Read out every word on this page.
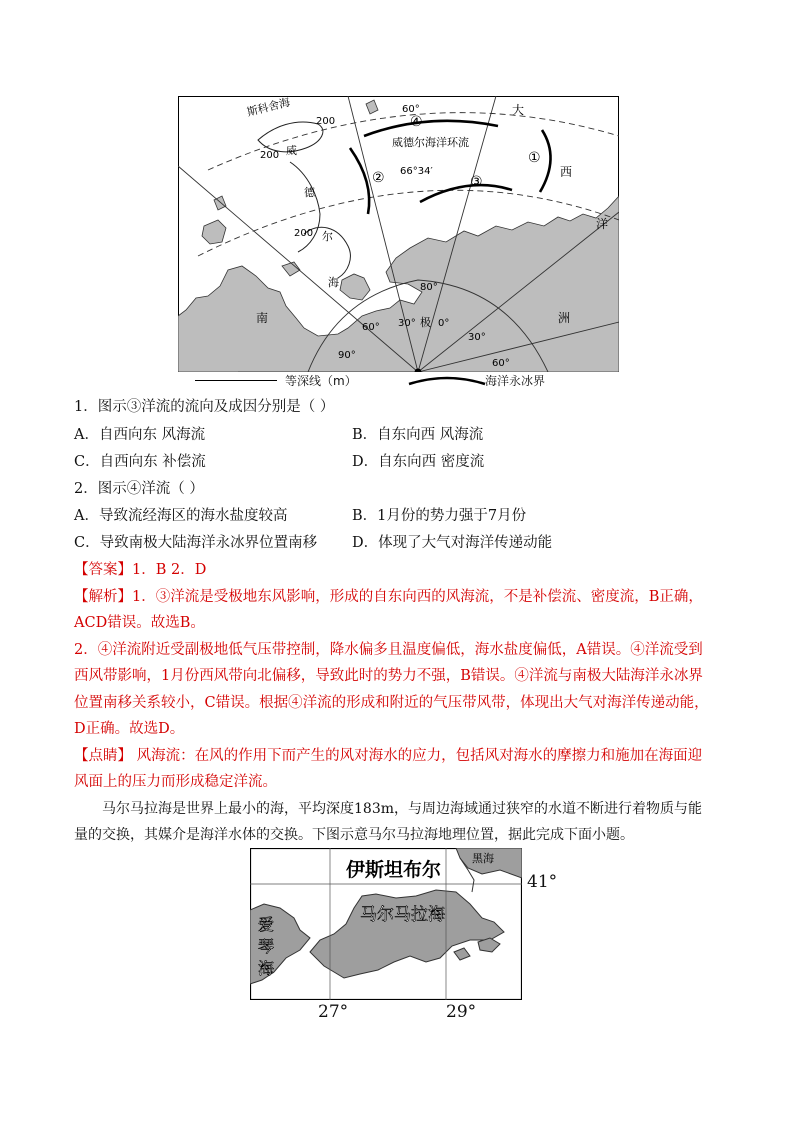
斯科舍海
200
200
200
威
德
尔
海
大
西
洋
南	洲
60°
66°34′
80°
威德尔海洋环流
①
②	③
④
30° 极 0°
30°
60°
60°
90°
等深线（m）	海洋永冰界
1．图示③洋流的流向及成因分别是（ ）
A．自西向东 风海流	B．自东向西 风海流
C．自西向东 补偿流	D．自东向西 密度流
2．图示④洋流（ ）
A．导致流经海区的海水盐度较高	B．1月份的势力强于7月份
C．导致南极大陆海洋永冰界位置南移 D．体现了大气对海洋传递动能
【答案】1．B 2．D
【解析】1．③洋流是受极地东风影响，形成的自东向西的风海流，不是补偿流、密度流，B正确，
ACD错误。故选B。
2．④洋流附近受副极地低气压带控制，降水偏多且温度偏低，海水盐度偏低，A错误。④洋流受到
西风带影响，1月份西风带向北偏移，导致此时的势力不强，B错误。④洋流与南极大陆海洋永冰界
位置南移关系较小，C错误。根据④洋流的形成和附近的气压带风带，体现出大气对海洋传递动能，
D正确。故选D。
【点睛】 风海流：在风的作用下而产生的风对海水的应力，包括风对海水的摩擦力和施加在海面迎
风面上的压力而形成稳定洋流。
马尔马拉海是世界上最小的海，平均深度183m，与周边海域通过狭窄的水道不断进行着物质与能
量的交换，其媒介是海洋水体的交换。下图示意马尔马拉海地理位置，据此完成下面小题。
伊斯坦布尔
黑海
马尔马拉海
爱
琴
海
41°
27°	29°
